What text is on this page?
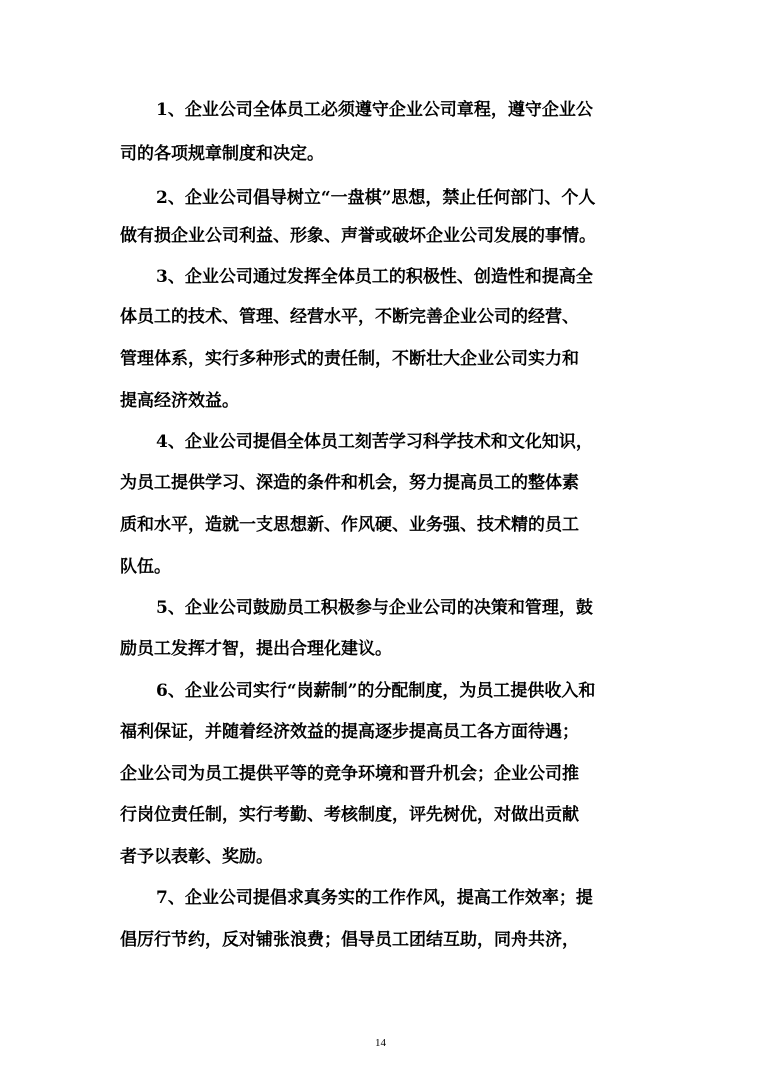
1、企业公司全体员工必须遵守企业公司章程，遵守企业公
司的各项规章制度和决定。
2、企业公司倡导树立“一盘棋”思想，禁止任何部门、个人
做有损企业公司利益、形象、声誉或破坏企业公司发展的事情。
3、企业公司通过发挥全体员工的积极性、创造性和提高全
体员工的技术、管理、经营水平，不断完善企业公司的经营、
管理体系，实行多种形式的责任制，不断壮大企业公司实力和
提高经济效益。
4、企业公司提倡全体员工刻苦学习科学技术和文化知识，
为员工提供学习、深造的条件和机会，努力提高员工的整体素
质和水平，造就一支思想新、作风硬、业务强、技术精的员工
队伍。
5、企业公司鼓励员工积极参与企业公司的决策和管理，鼓
励员工发挥才智，提出合理化建议。
6、企业公司实行“岗薪制”的分配制度，为员工提供收入和
福利保证，并随着经济效益的提高逐步提高员工各方面待遇；
企业公司为员工提供平等的竞争环境和晋升机会；企业公司推
行岗位责任制，实行考勤、考核制度，评先树优，对做出贡献
者予以表彰、奖励。
7、企业公司提倡求真务实的工作作风，提高工作效率；提
倡厉行节约，反对铺张浪费；倡导员工团结互助，同舟共济，
14
